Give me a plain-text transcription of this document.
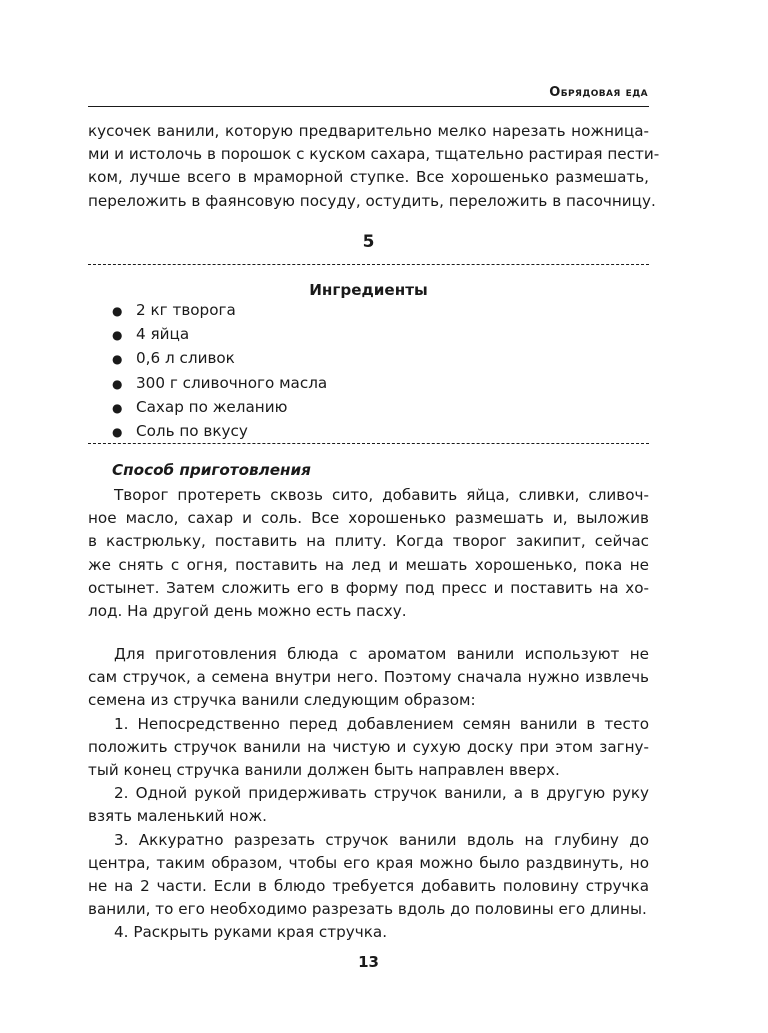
Обрядовая еда
кусочек ванили, которую предварительно мелко нарезать ножница-
ми и истолочь в порошок с куском сахара, тщательно растирая пести-
ком, лучше всего в мраморной ступке. Все хорошенько размешать,
переложить в фаянсовую посуду, остудить, переложить в пасочницу.
5
Ингредиенты
● 2 кг творога
● 4 яйца
● 0,6 л сливок
● 300 г сливочного масла
● Сахар по желанию
● Соль по вкусу
Способ приготовления
Творог протереть сквозь сито, добавить яйца, сливки, сливоч-
ное масло, сахар и соль. Все хорошенько размешать и, выложив
в кастрюльку, поставить на плиту. Когда творог закипит, сейчас
же снять с огня, поставить на лед и мешать хорошенько, пока не
остынет. Затем сложить его в форму под пресс и поставить на хо-
лод. На другой день можно есть пасху.
Для приготовления блюда с ароматом ванили используют не
сам стручок, а семена внутри него. Поэтому сначала нужно извлечь
семена из стручка ванили следующим образом:
1. Непосредственно перед добавлением семян ванили в тесто
положить стручок ванили на чистую и сухую доску при этом загну-
тый конец стручка ванили должен быть направлен вверх.
2. Одной рукой придерживать стручок ванили, а в другую руку
взять маленький нож.
3. Аккуратно разрезать стручок ванили вдоль на глубину до
центра, таким образом, чтобы его края можно было раздвинуть, но
не на 2 части. Если в блюдо требуется добавить половину стручка
ванили, то его необходимо разрезать вдоль до половины его длины.
4. Раскрыть руками края стручка.
13
